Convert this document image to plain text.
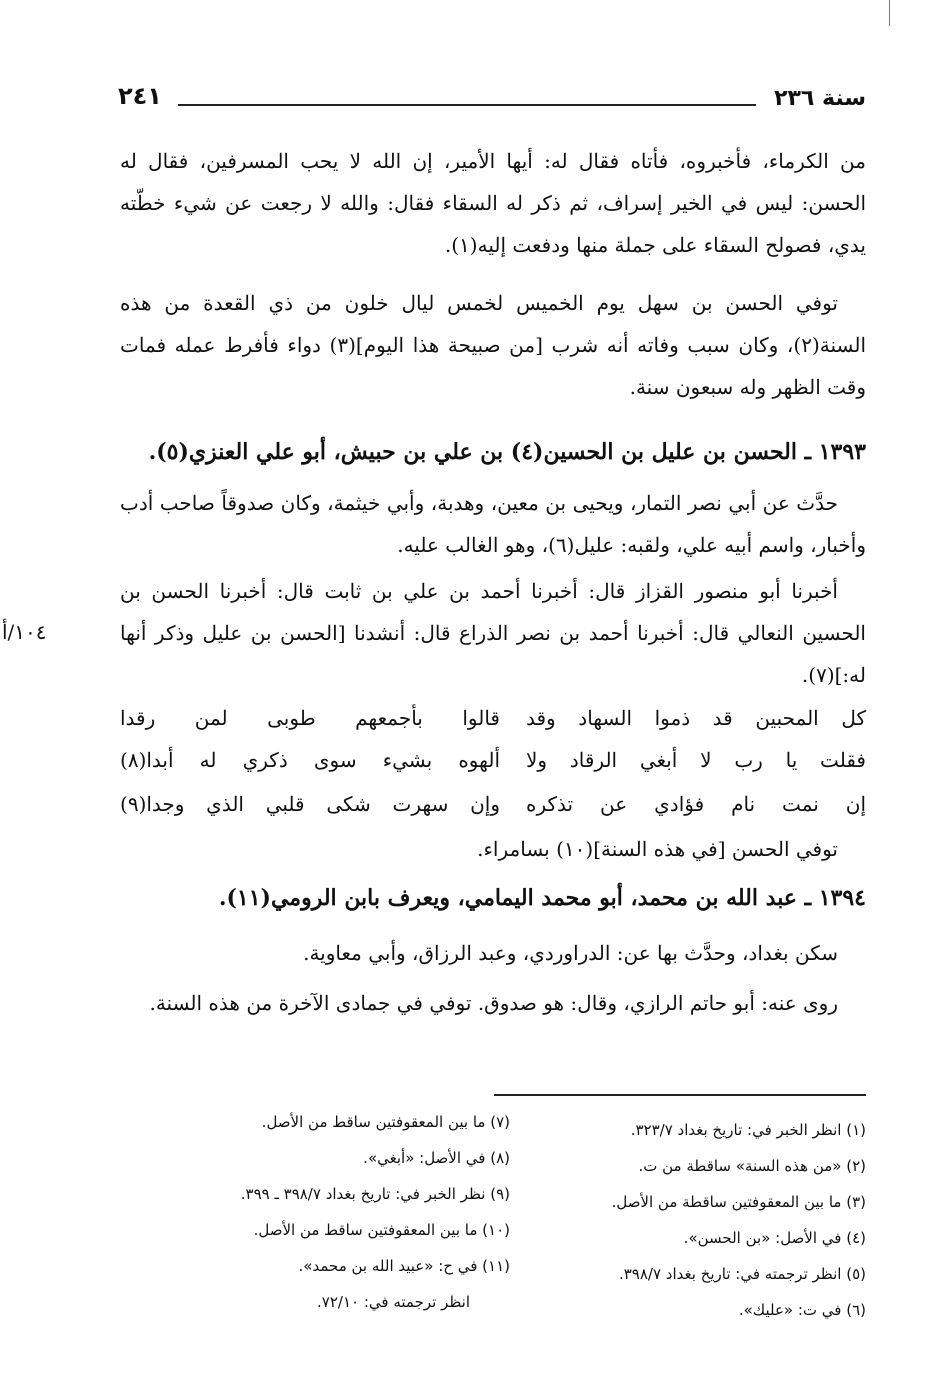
سنة ٢٣٦
٢٤١
من الكرماء، فأخبروه، فأتاه فقال له: أيها الأمير، إن الله لا يحب المسرفين، فقال له الحسن: ليس في الخير إسراف، ثم ذكر له السقاء فقال: والله لا رجعت عن شيء خطّته يدي، فصولح السقاء على جملة منها ودفعت إليه(١).
توفي الحسن بن سهل يوم الخميس لخمس ليال خلون من ذي القعدة من هذه السنة(٢)، وكان سبب وفاته أنه شرب [من صبيحة هذا اليوم](٣) دواء فأفرط عمله فمات وقت الظهر وله سبعون سنة.
١٣٩٣ ـ الحسن بن عليل بن الحسين(٤) بن علي بن حبيش، أبو علي العنزي(٥).
حدَّث عن أبي نصر التمار، ويحيى بن معين، وهدبة، وأبي خيثمة، وكان صدوقاً صاحب أدب وأخبار، واسم أبيه علي، ولقبه: عليل(٦)، وهو الغالب عليه.
أخبرنا أبو منصور القزاز قال: أخبرنا أحمد بن علي بن ثابت قال: أخبرنا الحسن بن الحسين النعالي قال: أخبرنا أحمد بن نصر الذراع قال: أنشدنا [الحسن بن عليل وذكر أنها له:](٧).
١٠٤/أ
كل المحبين قد ذموا السهاد وقد
قالوا بأجمعهم طوبى لمن رقدا
فقلت يا رب لا أبغي الرقاد ولا
ألهوه بشيء سوى ذكري له أبدا(٨)
إن نمت نام فؤادي عن تذكره
وإن سهرت شكى قلبي الذي وجدا(٩)
توفي الحسن [في هذه السنة](١٠) بسامراء.
١٣٩٤ ـ عبد الله بن محمد، أبو محمد اليمامي، ويعرف بابن الرومي(١١).
سكن بغداد، وحدَّث بها عن: الدراوردي، وعبد الرزاق، وأبي معاوية.
روى عنه: أبو حاتم الرازي، وقال: هو صدوق. توفي في جمادى الآخرة من هذه السنة.
(١) انظر الخبر في: تاريخ بغداد ٣٢٣/٧.
(٢) «من هذه السنة» ساقطة من ت.
(٣) ما بين المعقوفتين ساقطة من الأصل.
(٤) في الأصل: «بن الحسن».
(٥) انظر ترجمته في: تاريخ بغداد ٣٩٨/٧.
(٦) في ت: «عليك».
(٧) ما بين المعقوفتين ساقط من الأصل.
(٨) في الأصل: «أبغي».
(٩) نظر الخبر في: تاريخ بغداد ٣٩٨/٧ ـ ٣٩٩.
(١٠) ما بين المعقوفتين ساقط من الأصل.
(١١) في ح: «عبيد الله بن محمد».
انظر ترجمته في: ٧٢/١٠.
